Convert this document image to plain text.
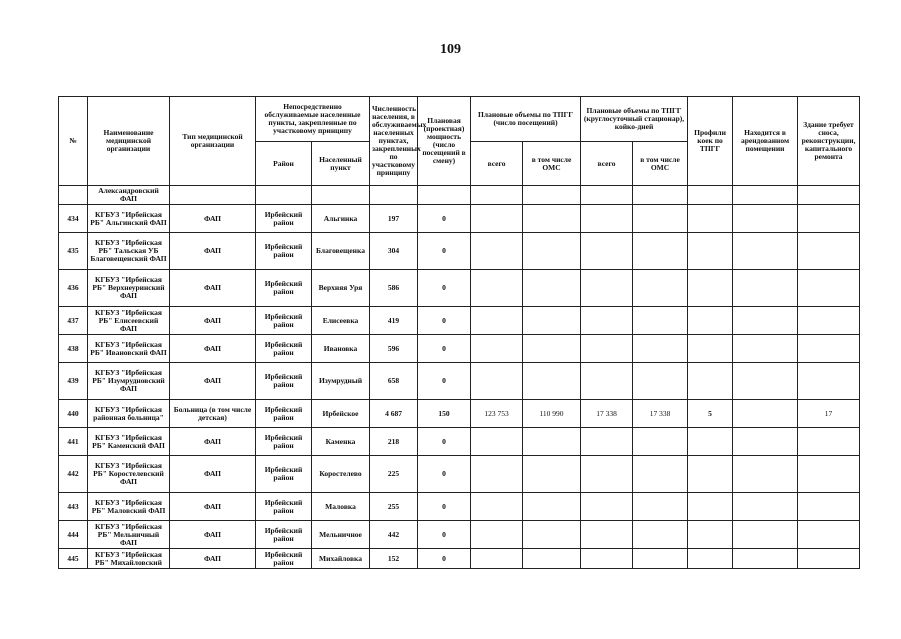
109
№	Наименование медицинской организации	Тип медицинской организации	Непосредственно обслуживаемые населенные пункты, закрепленные по участковому принципу		Численность населения, в обслуживаемых населенных пунктах, закрепленных по участковому принципу	Плановая (проектная) мощность (число посещений в смену)	Плановые объемы по ТПГГ (число посещений)		Плановые объемы по ТПГГ (круглосуточный стационар), койко-дней		Профили коек по ТПГГ	Находится в арендованном помещении	Здание требует сноса, реконструкции, капитального ремонта
			Район	Населенный пункт			всего	в том числе ОМС	всего	в том числе ОМС			
	Александровский ФАП												
434	КГБУЗ "Ирбейская РБ" Альгинский ФАП	ФАП	Ирбейский район	Альгинка	197	0							
435	КГБУЗ "Ирбейская РБ" Тальская УБ Благовещенский ФАП	ФАП	Ирбейский район	Благовещенка	304	0							
436	КГБУЗ "Ирбейская РБ" Верхнеуринский ФАП	ФАП	Ирбейский район	Верхняя Уря	586	0							
437	КГБУЗ "Ирбейская РБ" Елисеевский ФАП	ФАП	Ирбейский район	Елисеевка	419	0							
438	КГБУЗ "Ирбейская РБ" Ивановский ФАП	ФАП	Ирбейский район	Ивановка	596	0							
439	КГБУЗ "Ирбейская РБ" Изумрудновский ФАП	ФАП	Ирбейский район	Изумрудный	658	0							
440	КГБУЗ "Ирбейская районная больница"	Больница (в том числе детская)	Ирбейский район	Ирбейское	4 687	150	123 753	110 990	17 338	17 338	5		17
441	КГБУЗ "Ирбейская РБ" Каменский ФАП	ФАП	Ирбейский район	Каменка	218	0							
442	КГБУЗ "Ирбейская РБ" Коростелевский ФАП	ФАП	Ирбейский район	Коростелево	225	0							
443	КГБУЗ "Ирбейская РБ" Маловский ФАП	ФАП	Ирбейский район	Маловка	255	0							
444	КГБУЗ "Ирбейская РБ" Мельничный ФАП	ФАП	Ирбейский район	Мельничное	442	0							
445	КГБУЗ "Ирбейская РБ" Михайловский	ФАП	Ирбейский район	Михайловка	152	0							
